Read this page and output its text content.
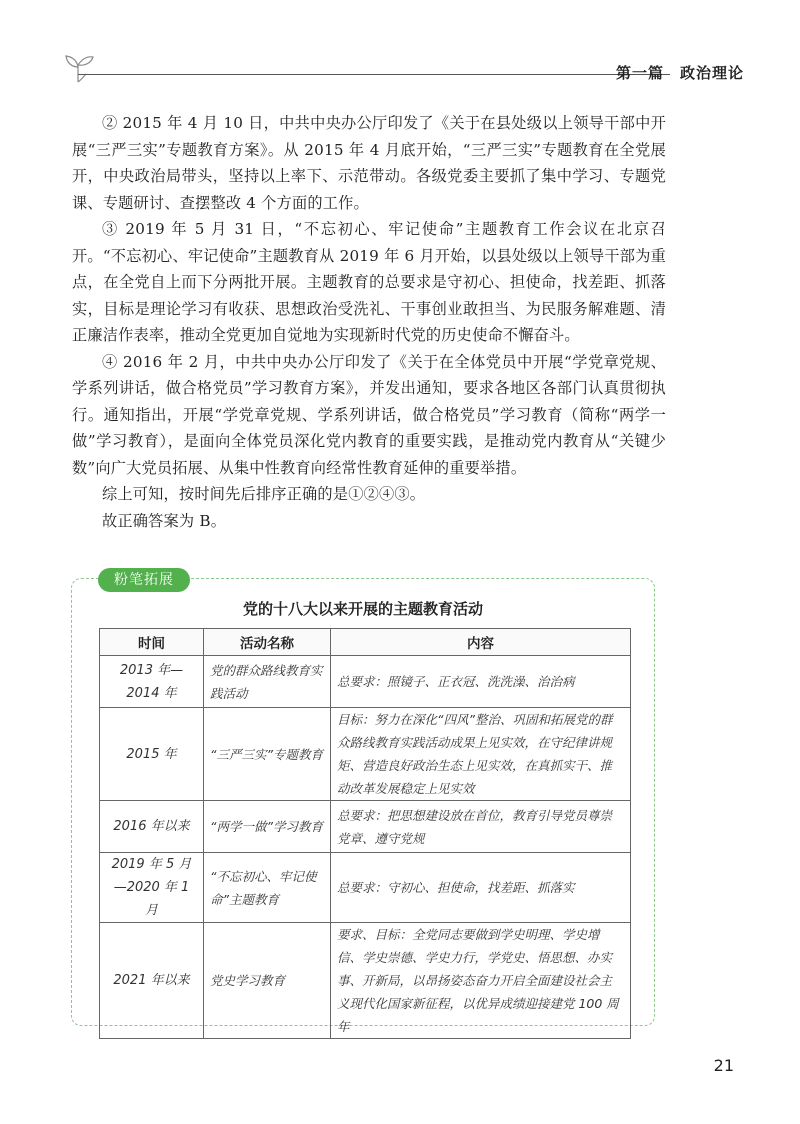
第一篇　政治理论

② 2015 年 4 月 10 日，中共中央办公厅印发了《关于在县处级以上领导干部中开展“三严三实”专题教育方案》。从 2015 年 4 月底开始，“三严三实”专题教育在全党展开，中央政治局带头，坚持以上率下、示范带动。各级党委主要抓了集中学习、专题党课、专题研讨、查摆整改 4 个方面的工作。

③ 2019 年 5 月 31 日，“不忘初心、牢记使命”主题教育工作会议在北京召开。“不忘初心、牢记使命”主题教育从 2019 年 6 月开始，以县处级以上领导干部为重点，在全党自上而下分两批开展。主题教育的总要求是守初心、担使命，找差距、抓落实，目标是理论学习有收获、思想政治受洗礼、干事创业敢担当、为民服务解难题、清正廉洁作表率，推动全党更加自觉地为实现新时代党的历史使命不懈奋斗。

④ 2016 年 2 月，中共中央办公厅印发了《关于在全体党员中开展“学党章党规、学系列讲话，做合格党员”学习教育方案》，并发出通知，要求各地区各部门认真贯彻执行。通知指出，开展“学党章党规、学系列讲话，做合格党员”学习教育（简称“两学一做”学习教育），是面向全体党员深化党内教育的重要实践，是推动党内教育从“关键少数”向广大党员拓展、从集中性教育向经常性教育延伸的重要举措。

综上可知，按时间先后排序正确的是①②④③。

故正确答案为 B。

粉笔拓展
党的十八大以来开展的主题教育活动
时间	活动名称	内容
2013 年—2014 年	党的群众路线教育实践活动	总要求：照镜子、正衣冠、洗洗澡、治治病
2015 年	“三严三实”专题教育	目标：努力在深化“四风”整治、巩固和拓展党的群众路线教育实践活动成果上见实效，在守纪律讲规矩、营造良好政治生态上见实效，在真抓实干、推动改革发展稳定上见实效
2016 年以来	“两学一做”学习教育	总要求：把思想建设放在首位，教育引导党员尊崇党章、遵守党规
2019 年 5 月—2020 年 1 月	“不忘初心、牢记使命”主题教育	总要求：守初心、担使命，找差距、抓落实
2021 年以来	党史学习教育	要求、目标：全党同志要做到学史明理、学史增信、学史崇德、学史力行，学党史、悟思想、办实事、开新局，以昂扬姿态奋力开启全面建设社会主义现代化国家新征程，以优异成绩迎接建党 100 周年
21
